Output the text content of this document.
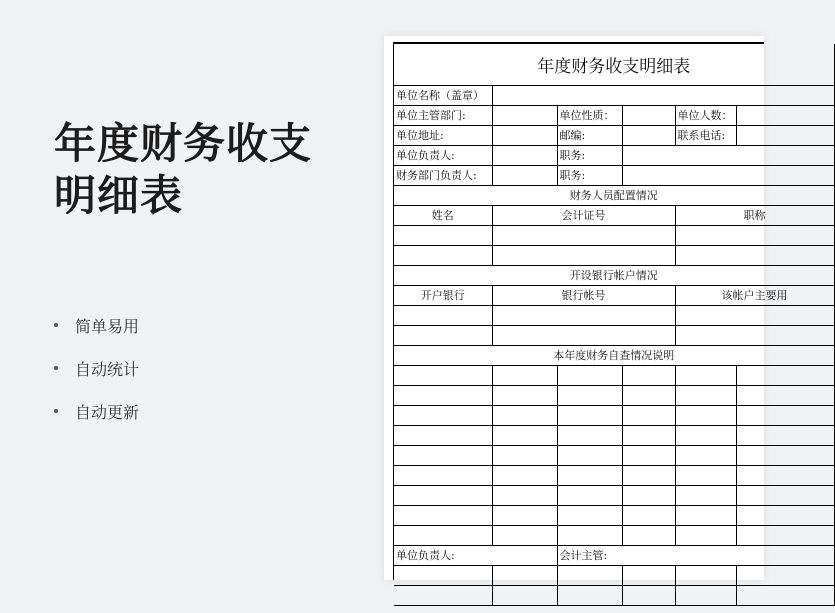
年度财务收支明细表
简单易用
自动统计
自动更新
年度财务收支明细表					
单位名称（盖章）					
单位主管部门:		单位性质：		单位人数：	
单位地址:		邮编:		联系电话:	
单位负责人:		职务:			
财务部门负责人:		职务:			
财务人员配置情况					
姓名	会计证号			职称	

开设银行帐户情况					
开户银行	银行帐号			该帐户主要用	

本年度财务自查情况说明					

单位负责人:		会计主管:			
